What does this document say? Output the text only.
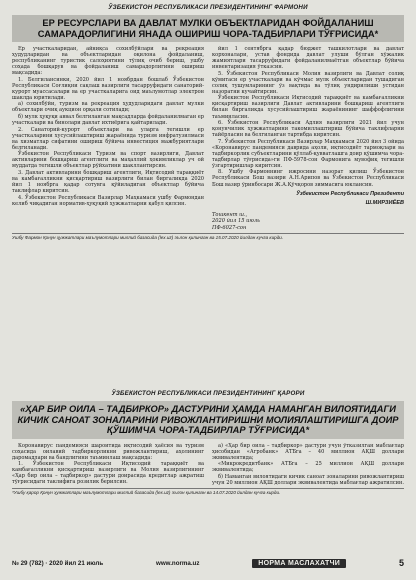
ЎЗБЕКИСТОН РЕСПУБЛИКАСИ ПРЕЗИДЕНТИНИНГ ФАРМОНИ
ЕР РЕСУРСЛАРИ ВА ДАВЛАТ МУЛКИ ОБЪЕКТЛАРИДАН ФОЙДАЛАНИШ САМАРАДОРЛИГИНИ ЯНАДА ОШИРИШ ЧОРА-ТАДБИРЛАРИ ТЎҒРИСИДА*

Ер участкаларидан, айниқса сохилбўйлари ва рекреация ҳудудларидан ва объектларидан оқилона фойдаланиш, республиканинг туристик салоҳиятини тўлиқ очиб бериш, ушбу соҳада бошқарув ва фойдаланиш самарадорлигини ошириш мақсадида:

1. Белгилансинки, 2020 йил 1 ноябрдан бошлаб Ўзбекистон Республикаси Соғлиқни сақлаш вазирлиги тасарруфидаги санаторий-курорт муассасалари ва ер участкаларига оид маълумотлар электрон шаклда юритилади.

а) сохилбўйи, туризм ва рекреация ҳудудларидаги давлат мулки объектлари очиқ аукцион орқали сотилади;

б) мулк ҳуқуқи аввал белгиланган мақсадларда фойдаланилмаган ер участкалари ва бинолари давлат ихтиёрига қайтарилади.

2. Санаторий-курорт объектлари ва уларга тегишли ер участкаларини хусусийлаштириш жараёнида туризм инфратузилмаси ва хизматлар сифатини ошириш бўйича инвестиция мажбуриятлари белгиланади.

Ўзбекистон Республикаси Туризм ва спорт вазирлиги, Давлат активларини бошқариш агентлиги ва маҳаллий ҳокимликлар уч ой муддатда тегишли объектлар рўйхатини шакллантирсин.

3. Давлат активларини бошқариш агентлиги, Иқтисодий тараққиёт ва камбағалликни қисқартириш вазирлиги билан биргаликда 2020 йил 1 ноябрга қадар сотувга қўйиладиган объектлар бўйича таклифлар киритсин.

4. Ўзбекистон Республикаси Вазирлар Маҳкамаси ушбу Фармондан келиб чиқадиган норматив-ҳуқуқий ҳужжатларни қабул қилсин.

йил 1 сентябрга қадар бюджет ташкилотлари ва давлат корхоналари, устав фондида давлат улуши бўлган хўжалик жамиятлари тасарруфидаги фойдаланилмаётган объектлар бўйича инвентаризация ўтказсин.

5. Ўзбекистон Республикаси Молия вазирлиги ва Давлат солиқ қўмитаси ер участкалари ва кўчмас мулк объектларидан тушадиган солиқ тушумларининг ўз вақтида ва тўлиқ ундирилиши устидан назоратни кучайтирсин.

Ўзбекистон Республикаси Иқтисодий тараққиёт ва камбағалликни қисқартириш вазирлиги Давлат активларини бошқариш агентлиги билан биргаликда хусусийлаштириш жараёнининг шаффофлигини таъминласин.

6. Ўзбекистон Республикаси Адлия вазирлиги 2021 йил учун қонунчилик ҳужжатларини такомиллаштириш бўйича таклифларни тайёрласин ва белгиланган тартибда киритсин.

7. Ўзбекистон Республикаси Вазирлар Маҳкамаси 2020 йил 3 ойида «Коронавирус пандемияси даврида аҳоли, иқтисодиёт тармоқлари ва тадбиркорлик субъектларини қўллаб-қувватлашга доир қўшимча чора-тадбирлар тўғрисида»ги ПФ-5978-сон Фармонига мувофиқ тегишли ўзгартиришлар киритсин.

8. Ушбу Фармоннинг ижросини назорат қилиш Ўзбекистон Республикаси Бош вазири А.Н.Арипов ва Ўзбекистон Республикаси Бош вазир ўринбосари Ж.А.Қўчқоров зиммасига юклансин.

Ўзбекистон Республикаси Президенти
Ш.МИРЗИЁЕВ
Тошкент ш.,
2020 йил 15 июль
ПФ-6027-сон
Ушбу Фармон Қонун ҳужжатлари маълумотлари миллий базасида (lex.uz) эълон қилинган ва 15.07.2020 йилдан кучга кирди.
ЎЗБЕКИСТОН РЕСПУБЛИКАСИ ПРЕЗИДЕНТИНИНГ ҚАРОРИ
«ҲАР БИР ОИЛА – ТАДБИРКОР» ДАСТУРИНИ ҲАМДА НАМАНГАН ВИЛОЯТИДАГИ КИЧИК САНОАТ ЗОНАЛАРИНИ РИВОЖЛАНТИРИШНИ МОЛИЯЛАШТИРИШГА ДОИР ҚЎШИМЧА ЧОРА-ТАДБИРЛАР ТЎҒРИСИДА*

Коронавирус пандемияси шароитида иқтисодий ҳаёсия ва туризм соҳасида оилавий тадбиркорликни ривожлантириш, аҳолининг даромадлари ва бандлигини таъминлаш мақсадида:

1. Ўзбекистон Республикаси Иқтисодий тараққиёт ва камбағалликни қисқартириш вазирлиги ва Молия вазирлигининг «Ҳар бир оила – тадбиркор» дастури доирасида кредитлар ажратиш тўғрисидаги таклифига розилик берилсин.

а) «Ҳар бир оила – тадбиркор» дастури учун ўтказилган маблағлар ҳисобидан «Агробанк» АТБга – 40 миллион АҚШ доллари эквивалентида;

«Микрокредитбанк» АТБга – 25 миллион АҚШ доллари эквивалентида;

б) Наманган вилоятидаги кичик саноат зоналарини ривожлантириш учун 20 миллион АҚШ доллари эквивалентида маблағлар ажратилсин.

*Ушбу қарор Қонун ҳужжатлари маълумотлари миллий базасида (lex.uz) эълон қилинган ва 14.07.2020 йилдан кучга кирди.
№ 29 (782) · 2020 йил 21 июль	www.norma.uz	НОРМА МАСЛАХАТЧИ	5
